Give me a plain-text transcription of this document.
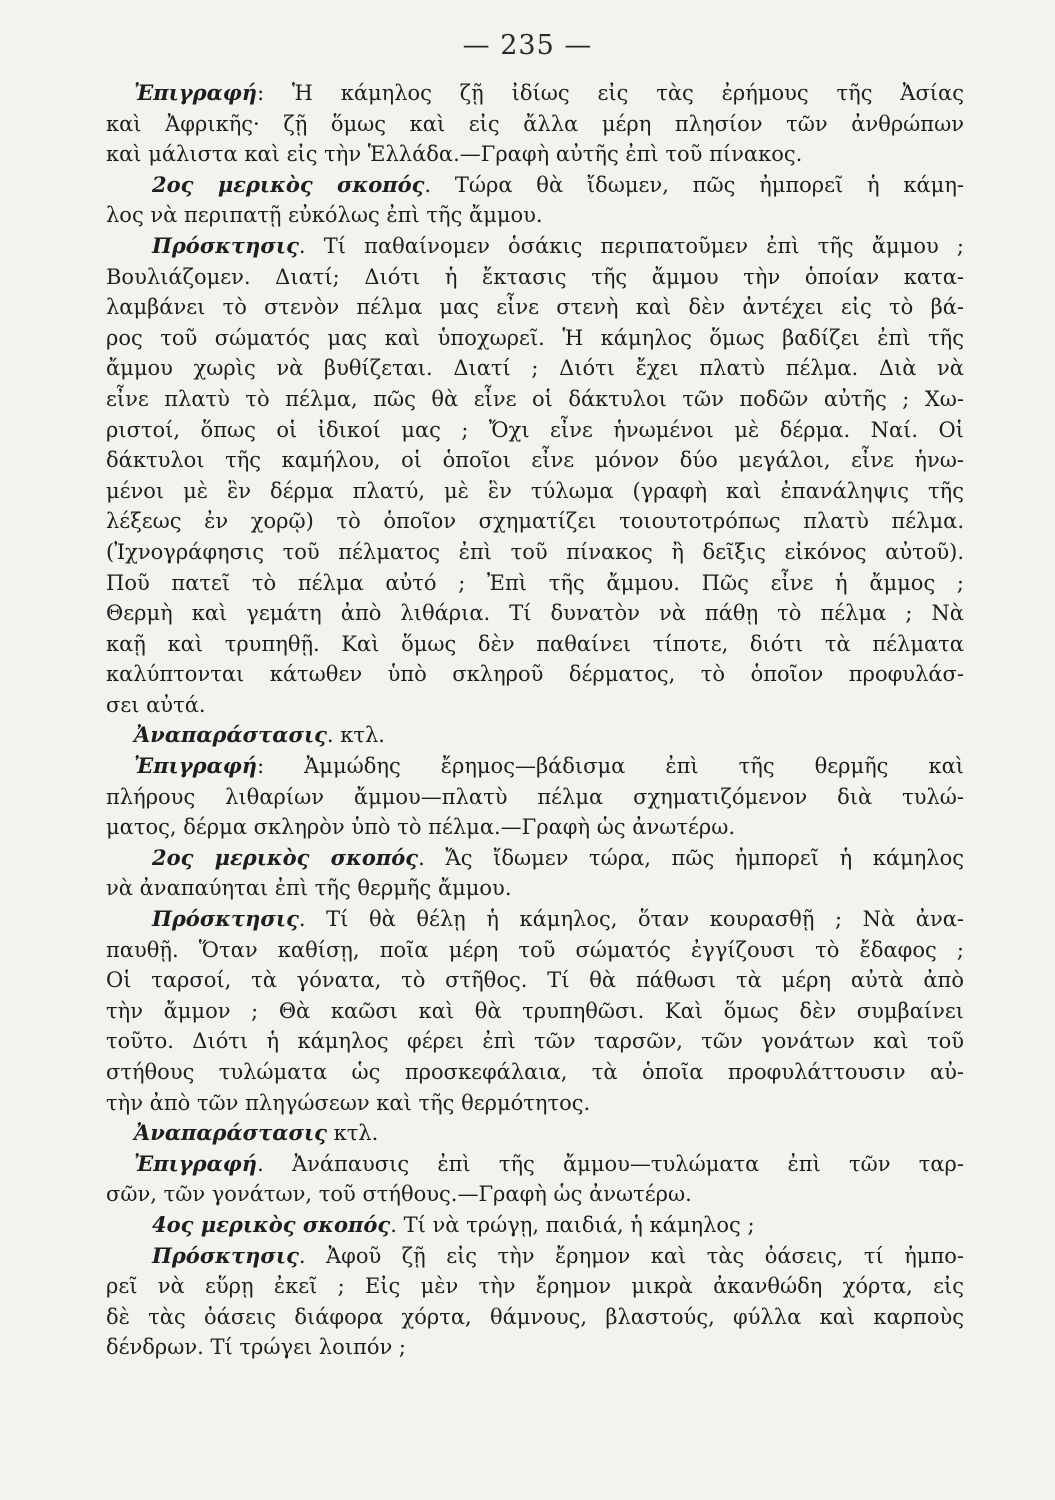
— 235 —
Ἐπιγραφή: Ἡ κάμηλος ζῇ ἰδίως εἰς τὰς ἐρήμους τῆς Ἀσίας
καὶ Ἀφρικῆς· ζῇ ὅμως καὶ εἰς ἄλλα μέρη πλησίον τῶν ἀνθρώπων
καὶ μάλιστα καὶ εἰς τὴν Ἑλλάδα.—Γραφὴ αὐτῆς ἐπὶ τοῦ πίνακος.
2ος μερικὸς σκοπός. Τώρα θὰ ἴδωμεν, πῶς ἠμπορεῖ ἡ κάμη-
λος νὰ περιπατῇ εὐκόλως ἐπὶ τῆς ἄμμου.
Πρόσκτησις. Τί παθαίνομεν ὁσάκις περιπατοῦμεν ἐπὶ τῆς ἄμμου ;
Βουλιάζομεν. Διατί; Διότι ἡ ἔκτασις τῆς ἄμμου τὴν ὁποίαν κατα-
λαμβάνει τὸ στενὸν πέλμα μας εἶνε στενὴ καὶ δὲν ἀντέχει εἰς τὸ βά-
ρος τοῦ σώματός μας καὶ ὑποχωρεῖ. Ἡ κάμηλος ὅμως βαδίζει ἐπὶ τῆς
ἄμμου χωρὶς νὰ βυθίζεται. Διατί ; Διότι ἔχει πλατὺ πέλμα. Διὰ νὰ
εἶνε πλατὺ τὸ πέλμα, πῶς θὰ εἶνε οἱ δάκτυλοι τῶν ποδῶν αὐτῆς ; Χω-
ριστοί, ὅπως οἱ ἰδικοί μας ; Ὄχι εἶνε ἡνωμένοι μὲ δέρμα. Ναί. Οἱ
δάκτυλοι τῆς καμήλου, οἱ ὁποῖοι εἶνε μόνον δύο μεγάλοι, εἶνε ἡνω-
μένοι μὲ ἓν δέρμα πλατύ, μὲ ἓν τύλωμα (γραφὴ καὶ ἐπανάληψις τῆς
λέξεως ἐν χορῷ) τὸ ὁποῖον σχηματίζει τοιουτοτρόπως πλατὺ πέλμα.
(Ἰχνογράφησις τοῦ πέλματος ἐπὶ τοῦ πίνακος ἢ δεῖξις εἰκόνος αὐτοῦ).
Ποῦ πατεῖ τὸ πέλμα αὐτό ; Ἐπὶ τῆς ἄμμου. Πῶς εἶνε ἡ ἄμμος ;
Θερμὴ καὶ γεμάτη ἀπὸ λιθάρια. Τί δυνατὸν νὰ πάθῃ τὸ πέλμα ; Νὰ
καῇ καὶ τρυπηθῇ. Καὶ ὅμως δὲν παθαίνει τίποτε, διότι τὰ πέλματα
καλύπτονται κάτωθεν ὑπὸ σκληροῦ δέρματος, τὸ ὁποῖον προφυλάσ-
σει αὐτά.
Ἀναπαράστασις. κτλ.
Ἐπιγραφή: Ἀμμώδης ἔρημος—βάδισμα ἐπὶ τῆς θερμῆς καὶ
πλήρους λιθαρίων ἄμμου—πλατὺ πέλμα σχηματιζόμενον διὰ τυλώ-
ματος, δέρμα σκληρὸν ὑπὸ τὸ πέλμα.—Γραφὴ ὡς ἀνωτέρω.
2ος μερικὸς σκοπός. Ἄς ἴδωμεν τώρα, πῶς ἠμπορεῖ ἡ κάμηλος
νὰ ἀναπαύηται ἐπὶ τῆς θερμῆς ἄμμου.
Πρόσκτησις. Τί θὰ θέλῃ ἡ κάμηλος, ὅταν κουρασθῇ ; Νὰ ἀνα-
παυθῇ. Ὅταν καθίσῃ, ποῖα μέρη τοῦ σώματός ἐγγίζουσι τὸ ἔδαφος ;
Οἱ ταρσοί, τὰ γόνατα, τὸ στῆθος. Τί θὰ πάθωσι τὰ μέρη αὐτὰ ἀπὸ
τὴν ἄμμον ; Θὰ καῶσι καὶ θὰ τρυπηθῶσι. Καὶ ὅμως δὲν συμβαίνει
τοῦτο. Διότι ἡ κάμηλος φέρει ἐπὶ τῶν ταρσῶν, τῶν γονάτων καὶ τοῦ
στήθους τυλώματα ὡς προσκεφάλαια, τὰ ὁποῖα προφυλάττουσιν αὐ-
τὴν ἀπὸ τῶν πληγώσεων καὶ τῆς θερμότητος.
Ἀναπαράστασις κτλ.
Ἐπιγραφή. Ἀνάπαυσις ἐπὶ τῆς ἄμμου—τυλώματα ἐπὶ τῶν ταρ-
σῶν, τῶν γονάτων, τοῦ στήθους.—Γραφὴ ὡς ἀνωτέρω.
4ος μερικὸς σκοπός. Τί νὰ τρώγῃ, παιδιά, ἡ κάμηλος ;
Πρόσκτησις. Ἀφοῦ ζῇ εἰς τὴν ἔρημον καὶ τὰς ὀάσεις, τί ἠμπο-
ρεῖ νὰ εὕρῃ ἐκεῖ ; Εἰς μὲν τὴν ἔρημον μικρὰ ἀκανθώδη χόρτα, εἰς
δὲ τὰς ὀάσεις διάφορα χόρτα, θάμνους, βλαστούς, φύλλα καὶ καρποὺς
δένδρων. Τί τρώγει λοιπόν ;
